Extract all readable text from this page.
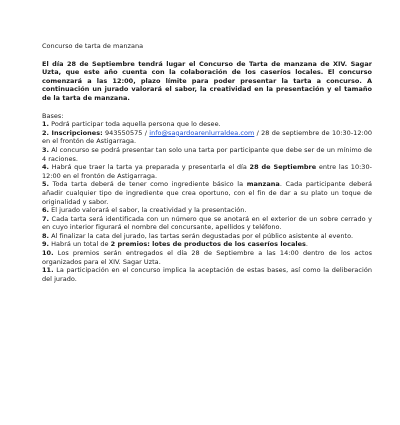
Concurso de tarta de manzana

El día 28 de Septiembre tendrá lugar el Concurso de Tarta de manzana de XIV. Sagar Uzta, que este año cuenta con la colaboración de los caseríos locales. El concurso comenzará a las 12:00, plazo límite para poder presentar la tarta a concurso. A continuación un jurado valorará el sabor, la creatividad en la presentación y el tamaño de la tarta de manzana.

Bases:

1. Podrá participar toda aquella persona que lo desee.

2. Inscripciones: 943550575 / info@sagardoarenlurraldea.com / 28 de septiembre de 10:30-12:00 en el frontón de Astigarraga.

3. Al concurso se podrá presentar tan solo una tarta por participante que debe ser de un mínimo de 4 raciones.

4. Habrá que traer la tarta ya preparada y presentarla el día 28 de Septiembre entre las 10:30-12:00 en el frontón de Astigarraga.

5. Toda tarta deberá de tener como ingrediente básico la manzana. Cada participante deberá añadir cualquier tipo de ingrediente que crea oportuno, con el fin de dar a su plato un toque de originalidad y sabor.

6. El jurado valorará el sabor, la creatividad y la presentación.

7. Cada tarta será identificada con un número que se anotará en el exterior de un sobre cerrado y en cuyo interior figurará el nombre del concursante, apellidos y teléfono.

8. Al finalizar la cata del jurado, las tartas serán degustadas por el público asistente al evento.

9. Habrá un total de 2 premios: lotes de productos de los caseríos locales.

10. Los premios serán entregados el día 28 de Septiembre a las 14:00 dentro de los actos organizados para el XIV. Sagar Uzta.

11. La participación en el concurso implica la aceptación de estas bases, así como la deliberación del jurado.
